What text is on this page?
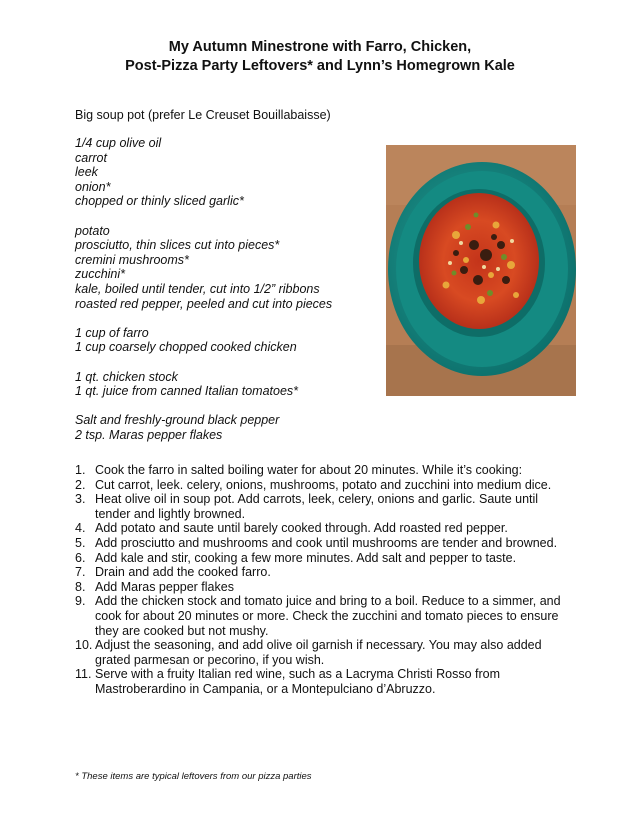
My Autumn Minestrone with Farro, Chicken,
Post-Pizza Party Leftovers* and Lynn’s Homegrown Kale
Big soup pot (prefer Le Creuset Bouillabaisse)
1/4 cup olive oil
carrot
leek
onion*
chopped or thinly sliced garlic*
potato
prosciutto, thin slices cut into pieces*
cremini mushrooms*
zucchini*
kale, boiled until tender, cut into 1/2” ribbons
roasted red pepper, peeled and cut into pieces
1 cup of farro
1 cup coarsely chopped cooked chicken
1 qt. chicken stock
1 qt. juice from canned Italian tomatoes*
Salt and freshly-ground black pepper
2 tsp. Maras pepper flakes
1. Cook the farro in salted boiling water for about 20 minutes. While it’s cooking:
2. Cut carrot, leek. celery, onions, mushrooms, potato and zucchini into medium dice.
3. Heat olive oil in soup pot. Add carrots, leek, celery, onions and garlic. Saute until tender and lightly browned.
4. Add potato and saute until barely cooked through. Add roasted red pepper.
5. Add prosciutto and mushrooms and cook until mushrooms are tender and browned.
6. Add kale and stir, cooking a few more minutes. Add salt and pepper to taste.
7. Drain and add the cooked farro.
8. Add Maras pepper flakes
9. Add the chicken stock and tomato juice and bring to a boil. Reduce to a simmer, and cook for about 20 minutes or more. Check the zucchini and tomato pieces to ensure they are cooked but not mushy.
10. Adjust the seasoning, and add olive oil garnish if necessary. You may also added grated parmesan or pecorino, if you wish.
11. Serve with a fruity Italian red wine, such as a Lacryma Christi Rosso from Mastroberardino in Campania, or a Montepulciano d’Abruzzo.
* These items are typical leftovers from our pizza parties
